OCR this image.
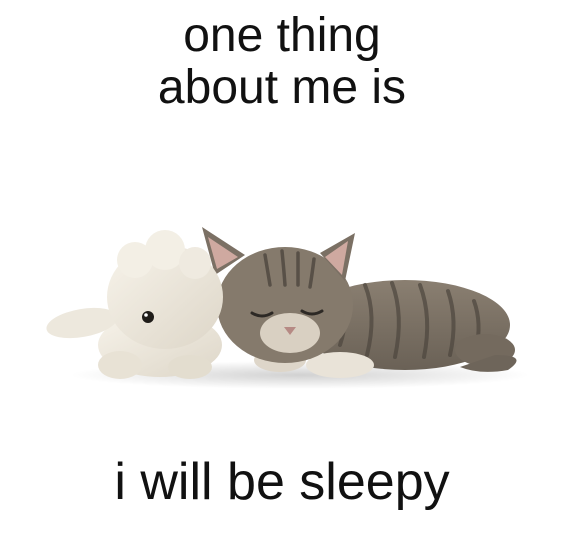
one thing
about me is
i will be sleepy
